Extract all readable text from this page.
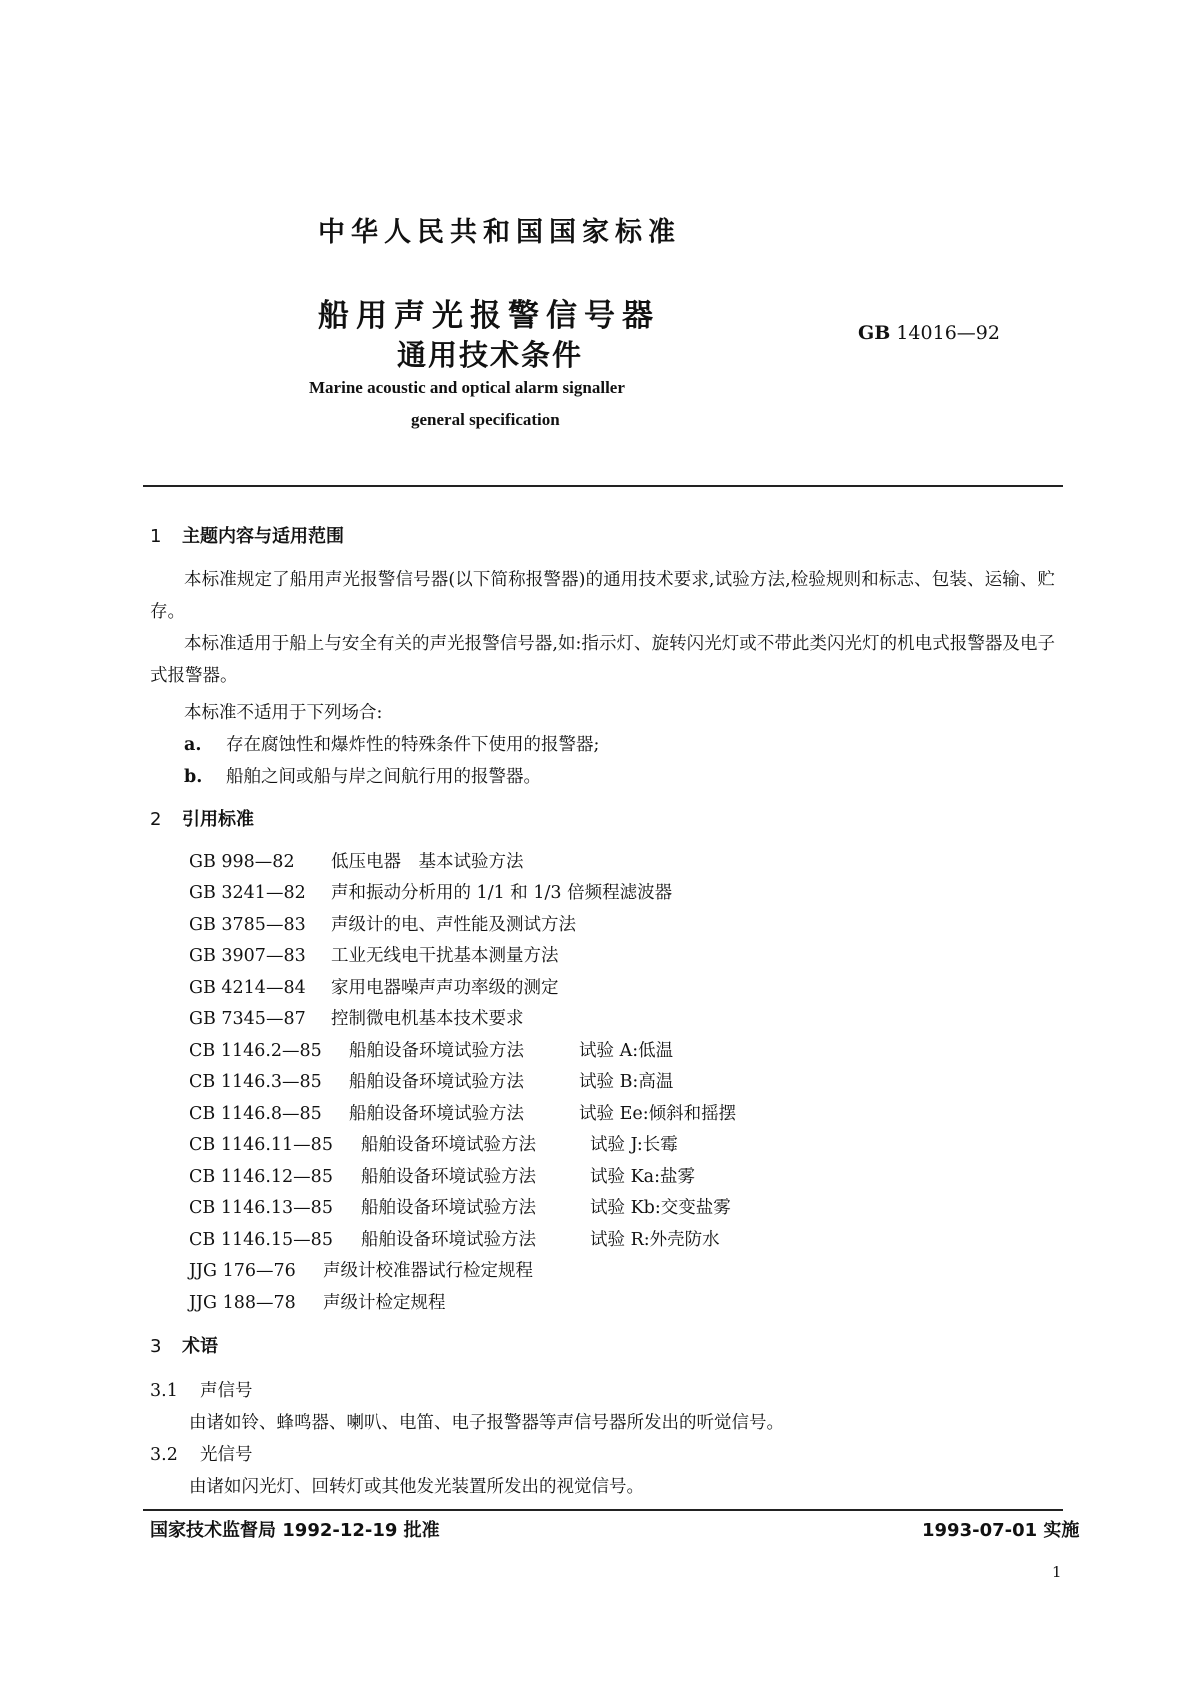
中华人民共和国国家标准
船用声光报警信号器
通用技术条件
GB 14016—92
Marine acoustic and optical alarm signaller
general specification
1 主题内容与适用范围
本标准规定了船用声光报警信号器(以下简称报警器)的通用技术要求,试验方法,检验规则和标志、包装、运输、贮存。
本标准适用于船上与安全有关的声光报警信号器,如:指示灯、旋转闪光灯或不带此类闪光灯的机电式报警器及电子式报警器。
本标准不适用于下列场合:
a. 存在腐蚀性和爆炸性的特殊条件下使用的报警器;
b. 船舶之间或船与岸之间航行用的报警器。
2 引用标准
GB 998—82 低压电器　基本试验方法
GB 3241—82 声和振动分析用的 1/1 和 1/3 倍频程滤波器
GB 3785—83 声级计的电、声性能及测试方法
GB 3907—83 工业无线电干扰基本测量方法
GB 4214—84 家用电器噪声声功率级的测定
GB 7345—87 控制微电机基本技术要求
CB 1146.2—85 船舶设备环境试验方法	试验 A:低温
CB 1146.3—85 船舶设备环境试验方法	试验 B:高温
CB 1146.8—85 船舶设备环境试验方法	试验 Ee:倾斜和摇摆
CB 1146.11—85 船舶设备环境试验方法	试验 J:长霉
CB 1146.12—85 船舶设备环境试验方法	试验 Ka:盐雾
CB 1146.13—85 船舶设备环境试验方法	试验 Kb:交变盐雾
CB 1146.15—85 船舶设备环境试验方法	试验 R:外壳防水
JJG 176—76 声级计校准器试行检定规程
JJG 188—78 声级计检定规程
3 术语
3.1 声信号
由诸如铃、蜂鸣器、喇叭、电笛、电子报警器等声信号器所发出的听觉信号。
3.2 光信号
由诸如闪光灯、回转灯或其他发光装置所发出的视觉信号。
国家技术监督局 1992-12-19 批准	1993-07-01 实施
1
